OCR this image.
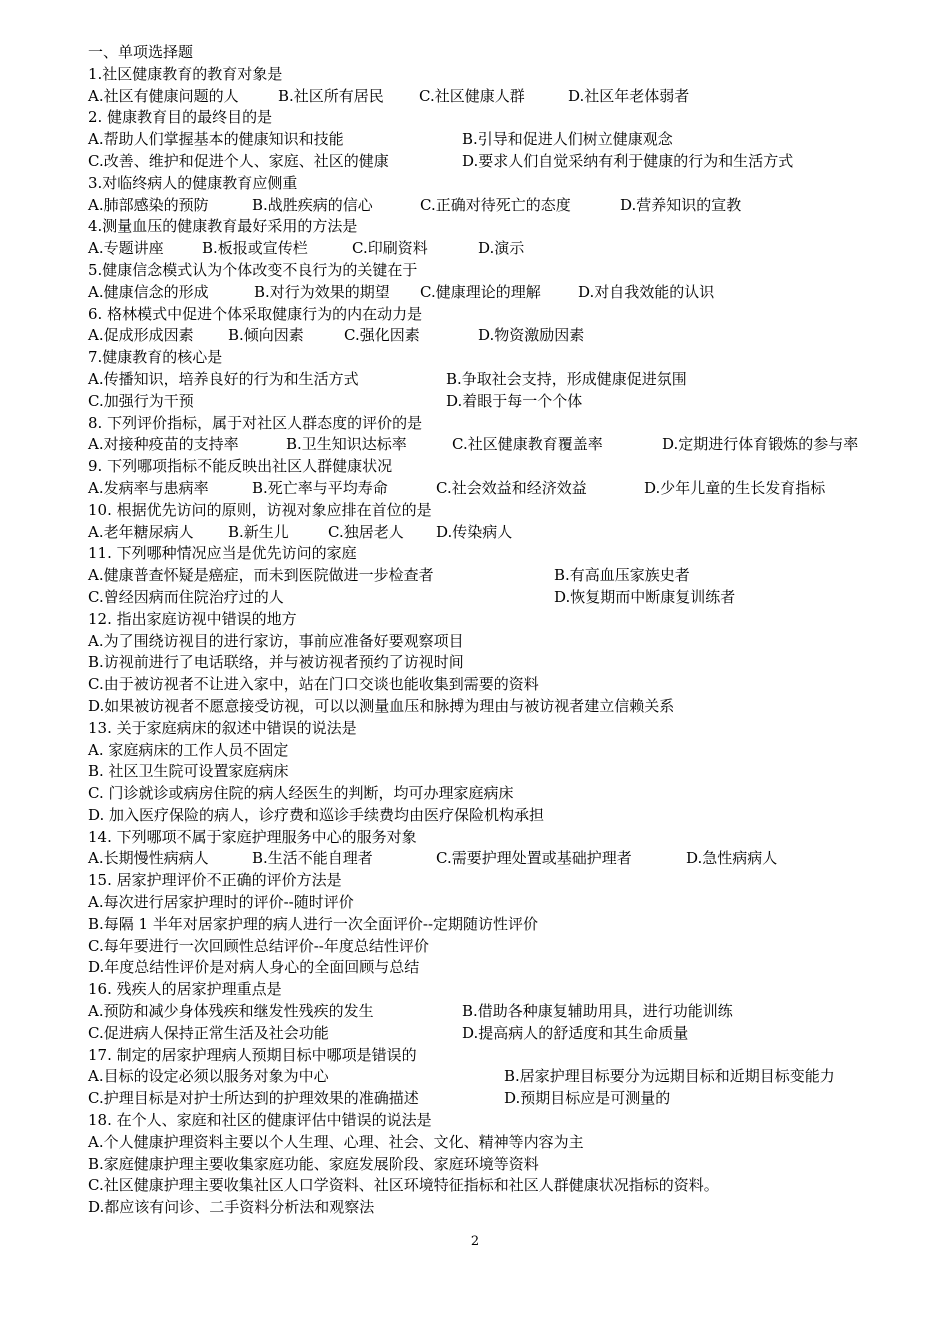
一、单项选择题
1.社区健康教育的教育对象是
A.社区有健康问题的人	B.社区所有居民 C.社区健康人群	D.社区年老体弱者
2. 健康教育目的最终目的是
A.帮助人们掌握基本的健康知识和技能	B.引导和促进人们树立健康观念
C.改善、维护和促进个人、家庭、社区的健康	D.要求人们自觉采纳有利于健康的行为和生活方式
3.对临终病人的健康教育应侧重
A.肺部感染的预防	B.战胜疾病的信心	C.正确对待死亡的态度	D.营养知识的宣教
4.测量血压的健康教育最好采用的方法是
A.专题讲座	B.板报或宣传栏	C.印刷资料	D.演示
5.健康信念模式认为个体改变不良行为的关键在于
A.健康信念的形成	B.对行为效果的期望 C.健康理论的理解 D.对自我效能的认识
6. 格林模式中促进个体采取健康行为的内在动力是
A.促成形成因素 B.倾向因素	C.强化因素	D.物资激励因素
7.健康教育的核心是
A.传播知识，培养良好的行为和生活方式	B.争取社会支持，形成健康促进氛围
C.加强行为干预	D.着眼于每一个个体
8. 下列评价指标，属于对社区人群态度的评价的是
A.对接种疫苗的支持率	B.卫生知识达标率	C.社区健康教育覆盖率	D.定期进行体育锻炼的参与率
9. 下列哪项指标不能反映出社区人群健康状况
A.发病率与患病率	B.死亡率与平均寿命	C.社会效益和经济效益	D.少年儿童的生长发育指标
10. 根据优先访问的原则，访视对象应排在首位的是
A.老年糖尿病人 B.新生儿	C.独居老人 D.传染病人
11. 下列哪种情况应当是优先访问的家庭
A.健康普查怀疑是癌症，而未到医院做进一步检查者	B.有高血压家族史者
C.曾经因病而住院治疗过的人	D.恢复期而中断康复训练者
12. 指出家庭访视中错误的地方
A.为了围绕访视目的进行家访，事前应准备好要观察项目
B.访视前进行了电话联络，并与被访视者预约了访视时间
C.由于被访视者不让进入家中，站在门口交谈也能收集到需要的资料
D.如果被访视者不愿意接受访视，可以以测量血压和脉搏为理由与被访视者建立信赖关系
13. 关于家庭病床的叙述中错误的说法是
A. 家庭病床的工作人员不固定
B. 社区卫生院可设置家庭病床
C. 门诊就诊或病房住院的病人经医生的判断，均可办理家庭病床
D. 加入医疗保险的病人，诊疗费和巡诊手续费均由医疗保险机构承担
14. 下列哪项不属于家庭护理服务中心的服务对象
A.长期慢性病病人	B.生活不能自理者	C.需要护理处置或基础护理者	D.急性病病人
15. 居家护理评价不正确的评价方法是
A.每次进行居家护理时的评价--随时评价
B.每隔 1 半年对居家护理的病人进行一次全面评价--定期随访性评价
C.每年要进行一次回顾性总结评价--年度总结性评价
D.年度总结性评价是对病人身心的全面回顾与总结
16. 残疾人的居家护理重点是
A.预防和减少身体残疾和继发性残疾的发生	B.借助各种康复辅助用具，进行功能训练
C.促进病人保持正常生活及社会功能	D.提高病人的舒适度和其生命质量
17. 制定的居家护理病人预期目标中哪项是错误的
A.目标的设定必须以服务对象为中心	B.居家护理目标要分为远期目标和近期目标变能力
C.护理目标是对护士所达到的护理效果的准确描述	D.预期目标应是可测量的
18. 在个人、家庭和社区的健康评估中错误的说法是
A.个人健康护理资料主要以个人生理、心理、社会、文化、精神等内容为主
B.家庭健康护理主要收集家庭功能、家庭发展阶段、家庭环境等资料
C.社区健康护理主要收集社区人口学资料、社区环境特征指标和社区人群健康状况指标的资料。
D.都应该有问诊、二手资料分析法和观察法
2
